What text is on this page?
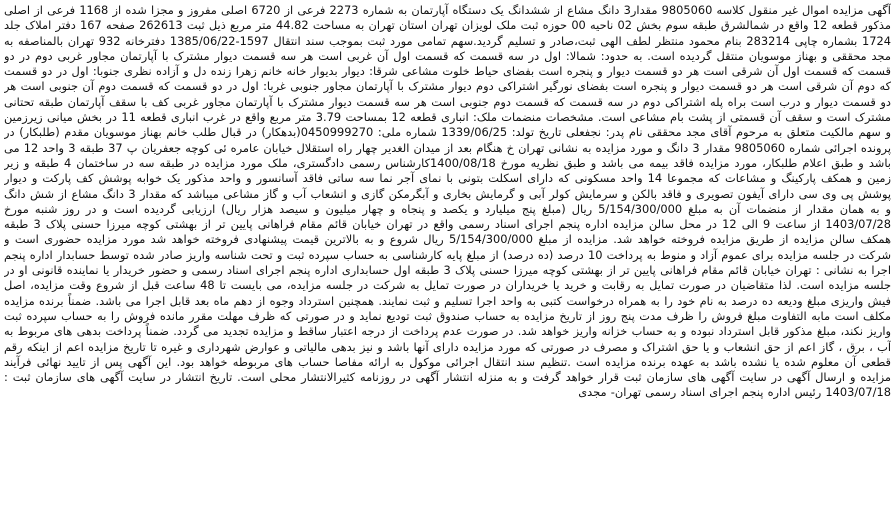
آگهی مزایده اموال غیر منقول کلاسه 9805060 مقدار3 دانگ مشاع از ششدانگ یک دستگاه آپارتمان به شماره 2273 فرعی از 6720 اصلی مفروز و مجزا شده از 1168 فرعی از اصلی مذکور قطعه 12 واقع در شمالشرق طبقه سوم بخش 02 ناحیه 00 حوزه ثبت ملک لویزان تهران استان تهران به مساحت 44.82 متر مربع ذیل ثبت 262613 صفحه 167 دفتر املاک جلد 1724 بشماره چاپی 283214 بنام محمود منتظر لطف الهی ثبت،صادر و تسلیم گردید.سهم تمامی مورد ثبت بموجب سند انتقال 1597-1385/06/22 دفترخانه 932 تهران بالمناصفه به مجد محققی و بهناز موسویان منتقل گردیده است. به حدود: شمالا: اول در سه قسمت که قسمت اول آن غربی است هر سه قسمت دیوار مشترک با آپارتمان مجاور غربی دوم در دو قسمت که قسمت اول آن شرقی است هر دو قسمت دیوار و پنجره است بفضای حیاط خلوت مشاعی شرقا: دیوار بدیوار خانه خانم زهرا زنده دل و آزاده نظری جنوبا: اول در دو قسمت که دوم آن شرقی است هر دو قسمت دیوار و پنجره است بفضای نورگیر اشتراکی دوم دیوار مشترک با آپارتمان مجاور جنوبی غربا: اول در دو قسمت که قسمت دوم آن جنوبی است هر دو قسمت دیوار و درب است براه پله اشتراکی دوم در سه قسمت که قسمت دوم جنوبی است هر سه قسمت دیوار مشترک با آپارتمان مجاور غربی کف با سقف آپارتمان طبقه تحتانی مشترک است و سقف آن قسمتی از پشت بام مشاعی است. مشخصات منضمات ملک: انباری قطعه 12 بمساحت 3.79 متر مربع واقع در غرب انباری قطعه 11 در بخش میانی زیرزمین و سهم مالکیت متعلق به مرحوم آقای مجد محققی نام پدر: نجفعلی تاریخ تولد: 1339/06/25 شماره ملی: 0450999270(بدهکار) در قبال طلب خانم بهناز موسویان مقدم (طلبکار) در پرونده اجرائی شماره 9805060 مقدار 3 دانگ و مورد مزایده به نشانی تهران خ هنگام بعد از میدان الغدیر چهار راه استقلال خیابان عامره ئی کوچه جعفریان پ 37 طبقه 3 واحد 12 می باشد و طبق اعلام طلبکار، مورد مزایده فاقد بیمه می باشد و طبق نظریه مورخ 1400/08/18کارشناس رسمی دادگستری، ملک مورد مزایده در طبقه سه در ساختمان 4 طبقه و زیر زمین و همکف پارکینگ و مشاعات که مجموعا 14 واحد مسکونی که دارای اسکلت بتونی با نمای آجر نما سه ساتی فاقد آسانسور و واحد مذکور یک خوابه پوشش کف پارکت و دیوار پوشش پی وی سی دارای آیفون تصویری و فاقد بالکن و سرمایش کولر آبی و گرمایش بخاری و آبگرمکن گازی و انشعاب آب و گاز مشاعی میباشد که مقدار 3 دانگ مشاع از شش دانگ و به همان مقدار از منضمات آن به مبلغ 5/154/300/000 ریال (مبلغ پنج میلیارد و یکصد و پنجاه و چهار میلیون و سیصد هزار ریال) ارزیابی گردیده است و در روز شنبه مورخ 1403/07/28 از ساعت 9 الی 12 در محل سالن مزایده اداره پنجم اجرای اسناد رسمی واقع در تهران خیابان قائم مقام فراهانی پایین تر از بهشتی کوچه میرزا حسنی پلاک 3 طبقه همکف سالن مزایده از طریق مزایده فروخته خواهد شد. مزایده از مبلغ 5/154/300/000 ریال شروع و به بالاترین قیمت پیشنهادی فروخته خواهد شد مورد مزایده حضوری است و شرکت در جلسه مزایده برای عموم آزاد و منوط به پرداخت 10 درصد (ده درصد) از مبلغ پایه کارشناسی به حساب سپرده ثبت و تحت شناسه واریز صادر شده توسط حسابدار اداره پنجم اجرا به نشانی : تهران خیابان قائم مقام فراهانی پایین تر از بهشتی کوچه میرزا حسنی پلاک 3 طبقه اول حسابداری اداره پنجم اجرای اسناد رسمی و حضور خریدار یا نماینده قانونی او در جلسه مزایده است. لذا متقاضیان در صورت تمایل به رقابت و خرید یا خریداران در صورت تمایل به شرکت در جلسه مزایده، می بایست تا 48 ساعت قبل از شروع وقت مزایده، اصل فیش واریزی مبلغ ودیعه ده درصد به نام خود را به همراه درخواست کتبی به واحد اجرا تسلیم و ثبت نمایند. همچنین استرداد وجوه از دهم ماه بعد قابل اجرا می باشد. ضمناً برنده مزایده مکلف است مابه التفاوت مبلغ فروش را ظرف مدت پنج روز از تاریخ مزایده به حساب صندوق ثبت تودیع نماید و در صورتی که ظرف مهلت مقرر مانده فروش را به حساب سپرده ثبت واریز نکند، مبلغ مذکور قابل استرداد نبوده و به حساب خزانه واریز خواهد شد. در صورت عدم پرداخت از درجه اعتبار ساقط و مزایده تجدید می گردد. ضمناً پرداخت بدهی های مربوط به آب ، برق ، گاز اعم از حق انشعاب و یا حق اشتراک و مصرف در صورتی که مورد مزایده دارای آنها باشد و نیز بدهی مالیاتی و عوارض شهرداری و غیره تا تاریخ مزایده اعم از اینکه رقم قطعی آن معلوم شده یا نشده باشد به عهده برنده مزایده است .تنظیم سند انتقال اجرائی موکول به ارائه مفاصا حساب های مربوطه خواهد بود. این آگهی پس از تایید نهائی فرآیند مزایده و ارسال آگهی در سایت آگهی های سازمان ثبت قرار خواهد گرفت و به منزله انتشار آگهی در روزنامه کثیرالانتشار محلی است. تاریخ انتشار در سایت آگهی های سازمان ثبت : 1403/07/18 رئیس اداره پنجم اجرای اسناد رسمی تهران- مجدی
